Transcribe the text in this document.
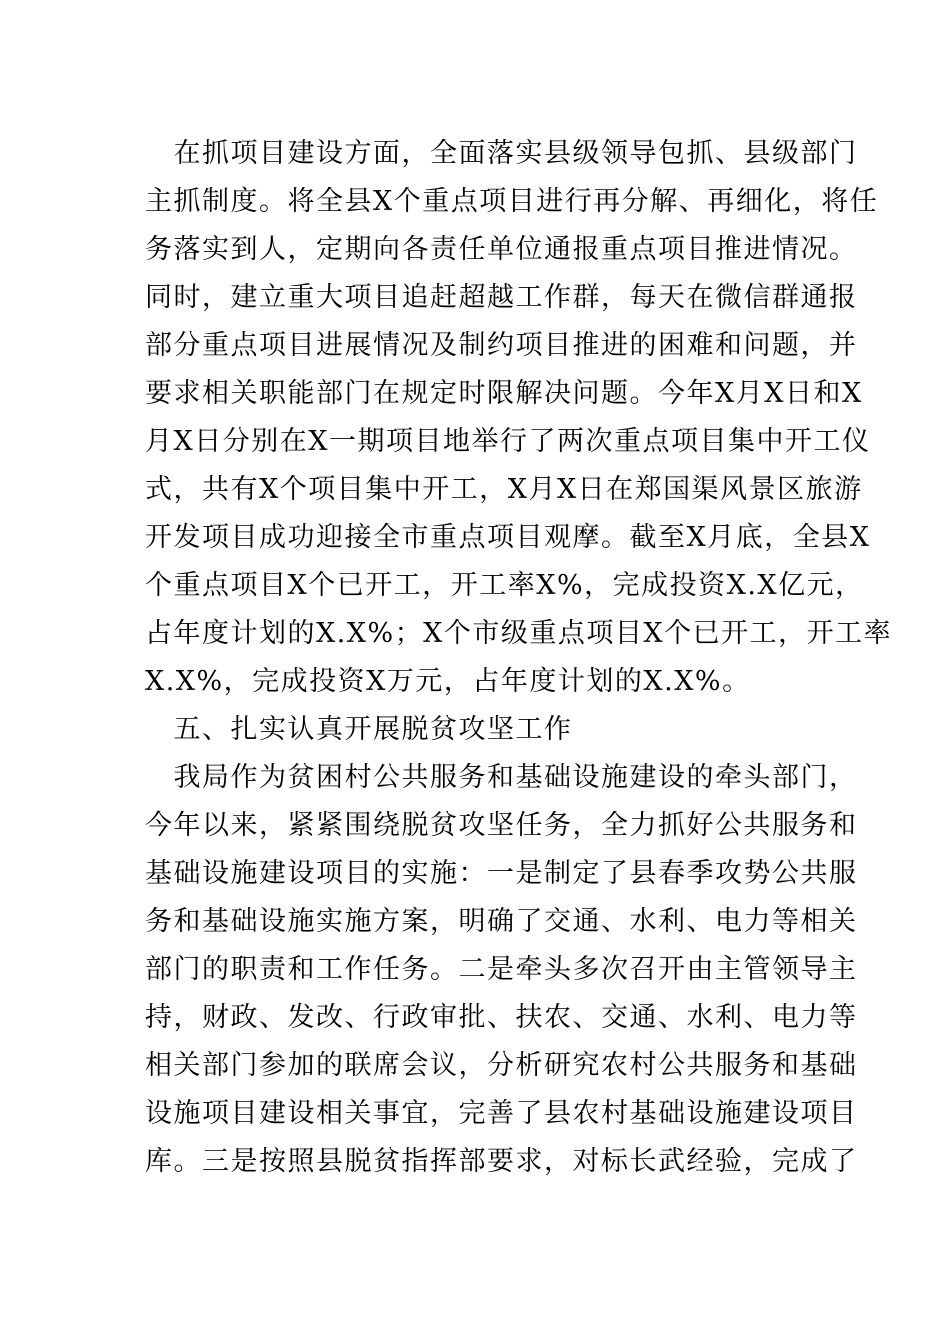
　在抓项目建设方面，全面落实县级领导包抓、县级部门
主抓制度。将全县X个重点项目进行再分解、再细化，将任
务落实到人，定期向各责任单位通报重点项目推进情况。
同时，建立重大项目追赶超越工作群，每天在微信群通报
部分重点项目进展情况及制约项目推进的困难和问题，并
要求相关职能部门在规定时限解决问题。今年X月X日和X
月X日分别在X一期项目地举行了两次重点项目集中开工仪
式，共有X个项目集中开工，X月X日在郑国渠风景区旅游
开发项目成功迎接全市重点项目观摩。截至X月底，全县X
个重点项目X个已开工，开工率X%，完成投资X.X亿元，
占年度计划的X.X%；X个市级重点项目X个已开工，开工率
X.X%，完成投资X万元，占年度计划的X.X%。
　五、扎实认真开展脱贫攻坚工作
　我局作为贫困村公共服务和基础设施建设的牵头部门，
今年以来，紧紧围绕脱贫攻坚任务，全力抓好公共服务和
基础设施建设项目的实施：一是制定了县春季攻势公共服
务和基础设施实施方案，明确了交通、水利、电力等相关
部门的职责和工作任务。二是牵头多次召开由主管领导主
持，财政、发改、行政审批、扶农、交通、水利、电力等
相关部门参加的联席会议，分析研究农村公共服务和基础
设施项目建设相关事宜，完善了县农村基础设施建设项目
库。三是按照县脱贫指挥部要求，对标长武经验，完成了
